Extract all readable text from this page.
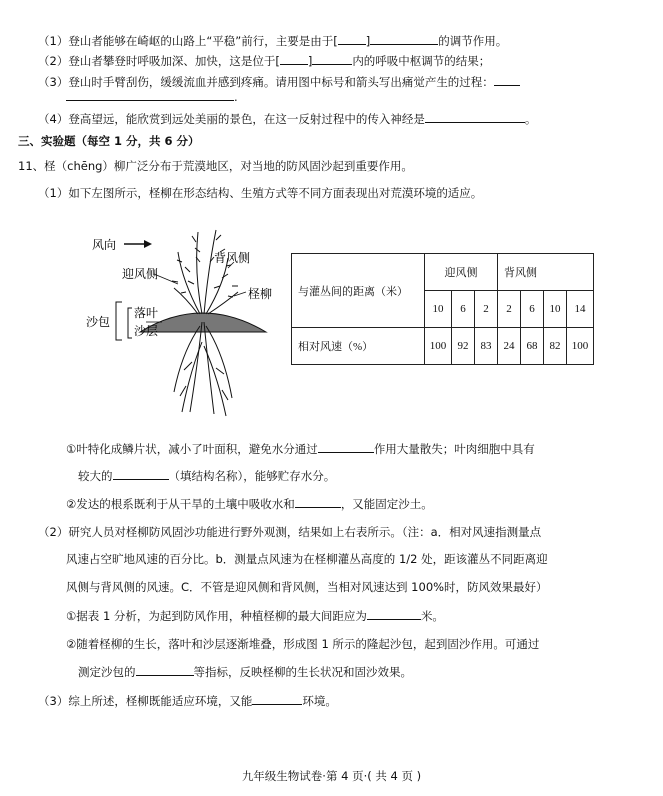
（1）登山者能够在崎岖的山路上“平稳”前行，主要是由于[ ]	的调节作用。
（2）登山者攀登时呼吸加深、加快，这是位于[ ]	内的呼吸中枢调节的结果；
（3）登山时手臂刮伤，缓缓流血并感到疼痛。请用图中标号和箭头写出痛觉产生的过程：
.
（4）登高望远，能欣赏到远处美丽的景色，在这一反射过程中的传入神经是	。
三、实验题（每空 1 分，共 6 分）
11、柽（chēng）柳广泛分布于荒漠地区，对当地的防风固沙起到重要作用。
（1）如下左图所示，柽柳在形态结构、生殖方式等不同方面表现出对荒漠环境的适应。
风向
迎风侧
背风侧
柽柳
沙包
落叶
沙层
与灌丛间的距离（米）	迎风侧			背风侧			
	10	6	2	2	6	10	14
相对风速（%）	100	92	83	24	68	82	100
①叶特化成鳞片状，减小了叶面积，避免水分通过	作用大量散失；叶肉细胞中具有
较大的	（填结构名称），能够贮存水分。
②发达的根系既利于从干旱的土壤中吸收水和	，又能固定沙土。
（2）研究人员对柽柳防风固沙功能进行野外观测，结果如上右表所示。（注：a．相对风速指测量点
风速占空旷地风速的百分比。b．测量点风速为在柽柳灌丛高度的 1/2 处，距该灌丛不同距离迎
风侧与背风侧的风速。C．不管是迎风侧和背风侧，当相对风速达到 100%时，防风效果最好）
①据表 1 分析，为起到防风作用，种植柽柳的最大间距应为	米。
②随着柽柳的生长，落叶和沙层逐渐堆叠，形成图 1 所示的隆起沙包，起到固沙作用。可通过
测定沙包的	等指标，反映柽柳的生长状况和固沙效果。
（3）综上所述，柽柳既能适应环境，又能	环境。
九年级生物试卷·第 4 页·( 共 4 页 )
